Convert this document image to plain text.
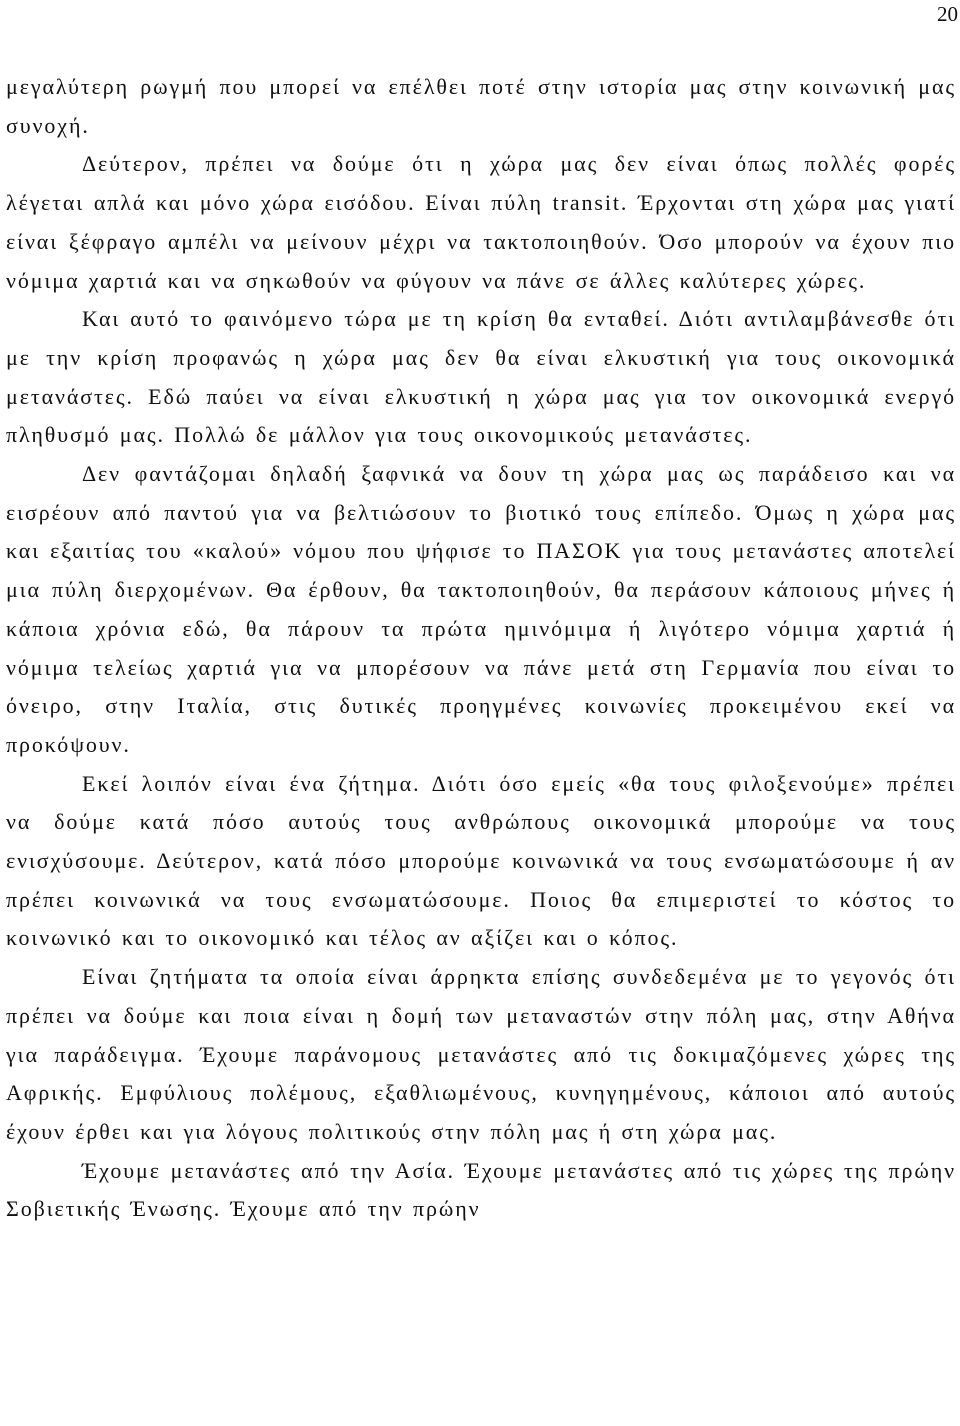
20

μεγαλύτερη ρωγμή που μπορεί να επέλθει ποτέ στην ιστορία μας στην κοινωνική μας συνοχή.

Δεύτερον, πρέπει να δούμε ότι η χώρα μας δεν είναι όπως πολλές φορές λέγεται απλά και μόνο χώρα εισόδου. Είναι πύλη transit. Έρχονται στη χώρα μας γιατί είναι ξέφραγο αμπέλι να μείνουν μέχρι να τακτοποιηθούν. Όσο μπορούν να έχουν πιο νόμιμα χαρτιά και να σηκωθούν να φύγουν να πάνε σε άλλες καλύτερες χώρες.

Και αυτό το φαινόμενο τώρα με τη κρίση θα ενταθεί. Διότι αντιλαμβάνεσθε ότι με την κρίση προφανώς η χώρα μας δεν θα είναι ελκυστική για τους οικονομικά μετανάστες. Εδώ παύει να είναι ελκυστική η χώρα μας για τον οικονομικά ενεργό πληθυσμό μας. Πολλώ δε μάλλον για τους οικονομικούς μετανάστες.

Δεν φαντάζομαι δηλαδή ξαφνικά να δουν τη χώρα μας ως παράδεισο και να εισρέουν από παντού για να βελτιώσουν το βιοτικό τους επίπεδο. Όμως η χώρα μας και εξαιτίας του «καλού» νόμου που ψήφισε το ΠΑΣΟΚ για τους μετανάστες αποτελεί μια πύλη διερχομένων. Θα έρθουν, θα τακτοποιηθούν, θα περάσουν κάποιους μήνες ή κάποια χρόνια εδώ, θα πάρουν τα πρώτα ημινόμιμα ή λιγότερο νόμιμα χαρτιά ή νόμιμα τελείως χαρτιά για να μπορέσουν να πάνε μετά στη Γερμανία που είναι το όνειρο, στην Ιταλία, στις δυτικές προηγμένες κοινωνίες προκειμένου εκεί να προκόψουν.

Εκεί λοιπόν είναι ένα ζήτημα. Διότι όσο εμείς «θα τους φιλοξενούμε» πρέπει να δούμε κατά πόσο αυτούς τους ανθρώπους οικονομικά μπορούμε να τους ενισχύσουμε. Δεύτερον, κατά πόσο μπορούμε κοινωνικά να τους ενσωματώσουμε ή αν πρέπει κοινωνικά να τους ενσωματώσουμε. Ποιος θα επιμεριστεί το κόστος το κοινωνικό και το οικονομικό και τέλος αν αξίζει και ο κόπος.

Είναι ζητήματα τα οποία είναι άρρηκτα επίσης συνδεδεμένα με το γεγονός ότι πρέπει να δούμε και ποια είναι η δομή των μεταναστών στην πόλη μας, στην Αθήνα για παράδειγμα. Έχουμε παράνομους μετανάστες από τις δοκιμαζόμενες χώρες της Αφρικής. Εμφύλιους πολέμους, εξαθλιωμένους, κυνηγημένους, κάποιοι από αυτούς έχουν έρθει και για λόγους πολιτικούς στην πόλη μας ή στη χώρα μας.

Έχουμε μετανάστες από την Ασία. Έχουμε μετανάστες από τις χώρες της πρώην Σοβιετικής Ένωσης. Έχουμε από την πρώην
